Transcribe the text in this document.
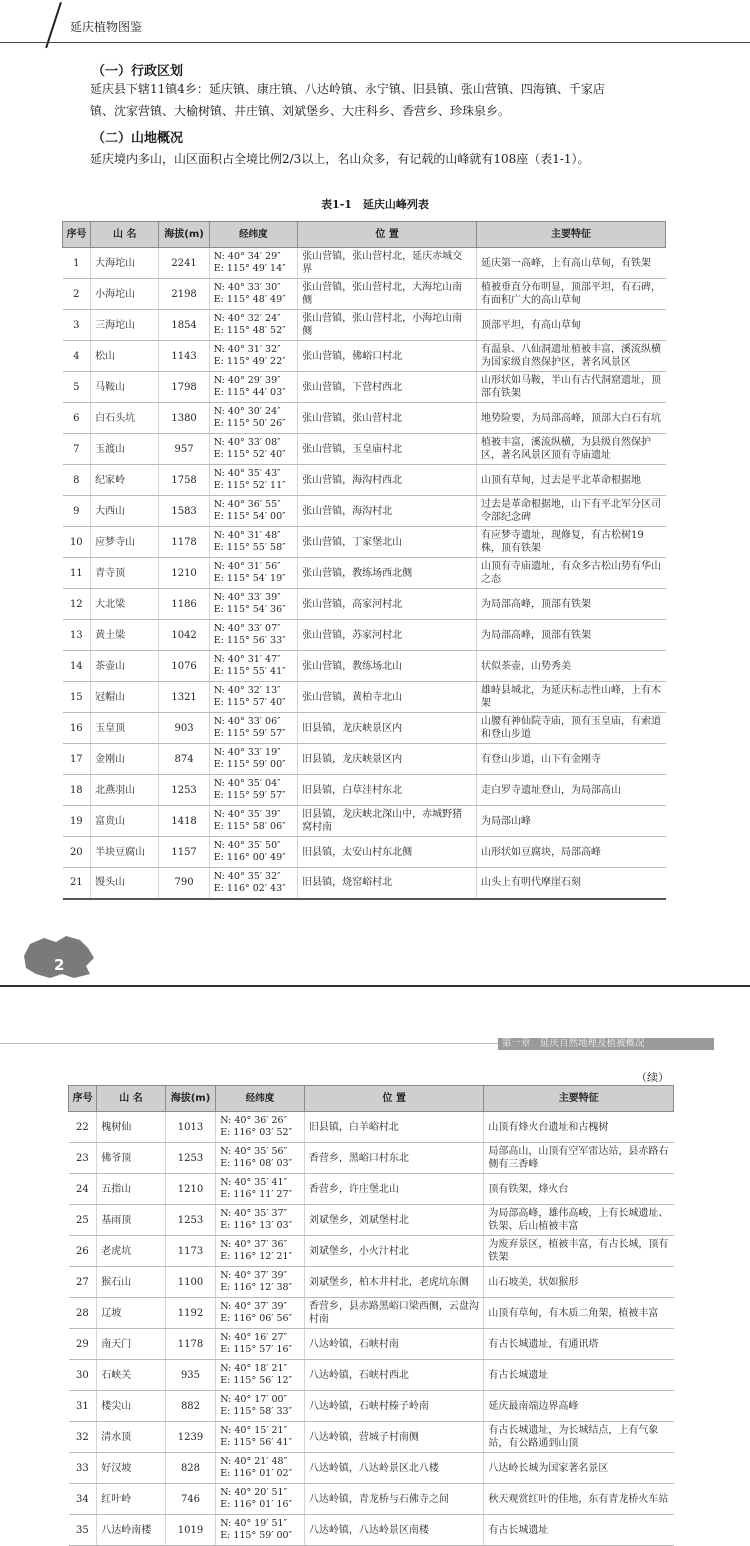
延庆植物图鉴
（一）行政区划
延庆县下辖11镇4乡：延庆镇、康庄镇、八达岭镇、永宁镇、旧县镇、张山营镇、四海镇、千家店
镇、沈家营镇、大榆树镇、井庄镇、刘斌堡乡、大庄科乡、香营乡、珍珠泉乡。
（二）山地概况
延庆境内多山，山区面积占全境比例2/3以上，名山众多，有记载的山峰就有108座（表1-1）。
表1-1　延庆山峰列表
序号	山 名	海拔(m)	经纬度	位 置	主要特征
1	大海坨山	2241	N: 40° 34′ 29″
E: 115° 49′ 14″	张山营镇，张山营村北，延庆赤城交界	延庆第一高峰，上有高山草甸，有铁架
2	小海坨山	2198	N: 40° 33′ 30″
E: 115° 48′ 49″	张山营镇，张山营村北，大海坨山南侧	植被垂直分布明显，顶部平坦，有石碑，有面积广大的高山草甸
3	三海坨山	1854	N: 40° 32′ 24″
E: 115° 48′ 52″	张山营镇，张山营村北，小海坨山南侧	顶部平坦，有高山草甸
4	松山	1143	N: 40° 31′ 32″
E: 115° 49′ 22″	张山营镇，佛峪口村北	有温泉、八仙洞遗址植被丰富，溪流纵横为国家级自然保护区，著名风景区
5	马鞍山	1798	N: 40° 29′ 39″
E: 115° 44′ 03″	张山营镇，下营村西北	山形状如马鞍，半山有古代洞窟遗址，顶部有铁架
6	白石头坑	1380	N: 40° 30′ 24″
E: 115° 50′ 26″	张山营镇，张山营村北	地势险要，为局部高峰，顶部大白石有坑
7	玉渡山	957	N: 40° 33′ 08″
E: 115° 52′ 40″	张山营镇，玉皇庙村北	植被丰富，溪流纵横，为县级自然保护区，著名风景区顶有寺庙遗址
8	纪家岭	1758	N: 40° 35′ 43″
E: 115° 52′ 11″	张山营镇，海沟村西北	山顶有草甸，过去是平北革命根据地
9	大西山	1583	N: 40° 36′ 55″
E: 115° 54′ 00″	张山营镇，海沟村北	过去是革命根据地，山下有平北军分区司令部纪念碑
10	应梦寺山	1178	N: 40° 31′ 48″
E: 115° 55′ 58″	张山营镇，丁家堡北山	有应梦寺遗址，现修复，有古松树19株，顶有铁架
11	青寺顶	1210	N: 40° 31′ 56″
E: 115° 54′ 19″	张山营镇，教练场西北侧	山顶有寺庙遗址，有众多古松山势有华山之态
12	大北梁	1186	N: 40° 33′ 39″
E: 115° 54′ 36″	张山营镇，高家河村北	为局部高峰，顶部有铁架
13	黄土梁	1042	N: 40° 33′ 07″
E: 115° 56′ 33″	张山营镇，苏家河村北	为局部高峰，顶部有铁架
14	茶壶山	1076	N: 40° 31′ 47″
E: 115° 55′ 41″	张山营镇，教练场北山	状似茶壶，山势秀美
15	冠帽山	1321	N: 40° 32′ 13″
E: 115° 57′ 40″	张山营镇，黄柏寺北山	雄峙县城北，为延庆标志性山峰，上有木架
16	玉皇顶	903	N: 40° 33′ 06″
E: 115° 59′ 57″	旧县镇，龙庆峡景区内	山腰有神仙院寺庙，顶有玉皇庙，有索道和登山步道
17	金刚山	874	N: 40° 33′ 19″
E: 115° 59′ 00″	旧县镇，龙庆峡景区内	有登山步道，山下有金刚寺
18	北燕羽山	1253	N: 40° 35′ 04″
E: 115° 59′ 57″	旧县镇，白草洼村东北	走白罗寺遗址登山，为局部高山
19	富贵山	1418	N: 40° 35′ 39″
E: 115° 58′ 06″	旧县镇，龙庆峡北深山中，赤城野猪窝村南	为局部山峰
20	半块豆腐山	1157	N: 40° 35′ 50″
E: 116° 00′ 49″	旧县镇，太安山村东北侧	山形状如豆腐块，局部高峰
21	馒头山	790	N: 40° 35′ 32″
E: 116° 02′ 43″	旧县镇，烧窑峪村北	山头上有明代摩崖石刻
2
第一章　延庆自然地理及植被概况
（续）
序号	山 名	海拔(m)	经纬度	位 置	主要特征
22	槐树仙	1013	N: 40° 36′ 26″
E: 116° 03′ 52″	旧县镇，白羊峪村北	山顶有烽火台遗址和古槐树
23	佛爷顶	1253	N: 40° 35′ 56″
E: 116° 08′ 03″	香营乡，黑峪口村东北	局部高山，山顶有空军雷达站，县赤路右侧有三香峰
24	五指山	1210	N: 40° 35′ 41″
E: 116° 11′ 27″	香营乡，许庄堡北山	顶有铁架，烽火台
25	基雨顶	1253	N: 40° 35′ 37″
E: 116° 13′ 03″	刘斌堡乡，刘斌堡村北	为局部高峰，雄伟高峻，上有长城遗址、铁架、后山植被丰富
26	老虎坑	1173	N: 40° 37′ 36″
E: 116° 12′ 21″	刘斌堡乡，小火汁村北	为废弃景区，植被丰富，有古长城，顶有铁架
27	猴石山	1100	N: 40° 37′ 39″
E: 116° 12′ 38″	刘斌堡乡，柏木井村北，老虎坑东侧	山石坡美，状如猴形
28	辽坡	1192	N: 40° 37′ 39″
E: 116° 06′ 56″	香营乡，县赤路黑峪口梁西侧，云盘沟村南	山顶有草甸，有木质二角架，植被丰富
29	南天门	1178	N: 40° 16′ 27″
E: 115° 57′ 16″	八达岭镇，石峡村南	有古长城遗址，有通讯塔
30	石峡关	935	N: 40° 18′ 21″
E: 115° 56′ 12″	八达岭镇，石峡村西北	有古长城遗址
31	楼尖山	882	N: 40° 17′ 00″
E: 115° 58′ 33″	八达岭镇，石峡村榛子岭南	延庆最南端边界高峰
32	清水顶	1239	N: 40° 15′ 21″
E: 115° 56′ 41″	八达岭镇，营城子村南侧	有古长城遗址，为长城结点，上有气象站，有公路通到山顶
33	好汉坡	828	N: 40° 21′ 48″
E: 116° 01′ 02″	八达岭镇，八达岭景区北八楼	八达岭长城为国家著名景区
34	红叶岭	746	N: 40° 20′ 51″
E: 116° 01′ 16″	八达岭镇，青龙桥与石佛寺之间	秋天观赏红叶的佳地，东有青龙桥火车站
35	八达岭南楼	1019	N: 40° 19′ 51″
E: 115° 59′ 00″	八达岭镇，八达岭景区南楼	有古长城遗址
